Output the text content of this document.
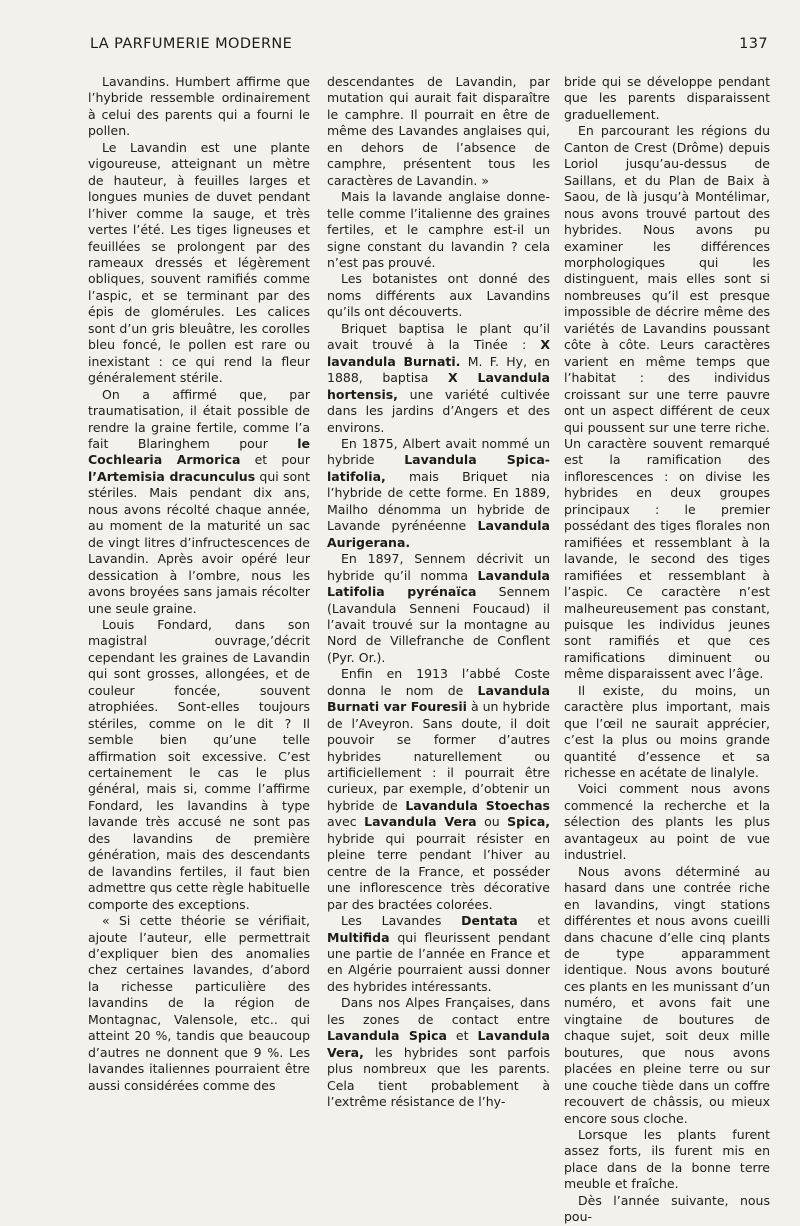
LA PARFUMERIE MODERNE	137

Lavandins. Humbert affirme que l’hybride ressemble ordinairement à celui des parents qui a fourni le pollen.

Le Lavandin est une plante vigoureuse, atteignant un mètre de hauteur, à feuilles larges et longues munies de duvet pendant l’hiver comme la sauge, et très vertes l’été. Les tiges ligneuses et feuillées se prolongent par des rameaux dressés et légèrement obliques, souvent ramifiés comme l’aspic, et se terminant par des épis de glomérules. Les calices sont d’un gris bleuâtre, les corolles bleu foncé, le pollen est rare ou inexistant : ce qui rend la fleur généralement stérile.

On a affirmé que, par traumatisation, il était possible de rendre la graine fertile, comme l’a fait Blaringhem pour le Cochlearia Armorica et pour l’Artemisia dracunculus qui sont stériles. Mais pendant dix ans, nous avons récolté chaque année, au moment de la maturité un sac de vingt litres d’infructescences de Lavandin. Après avoir opéré leur dessication à l’ombre, nous les avons broyées sans jamais récolter une seule graine.

Louis Fondard, dans son magistral ouvrage,’décrit cependant les graines de Lavandin qui sont grosses, allongées, et de couleur foncée, souvent atrophiées. Sont-elles toujours stériles, comme on le dit ? Il semble bien qu’une telle affirmation soit excessive. C’est certainement le cas le plus général, mais si, comme l’affirme Fondard, les lavandins à type lavande très accusé ne sont pas des lavandins de première génération, mais des descendants de lavandins fertiles, il faut bien admettre qus cette règle habituelle comporte des exceptions.

« Si cette théorie se vérifiait, ajoute l’auteur, elle permettrait d’expliquer bien des anomalies chez certaines lavandes, d’abord la richesse particulière des lavandins de la région de Montagnac, Valensole, etc.. qui atteint 20 %, tandis que beaucoup d’autres ne donnent que 9 %. Les lavandes italiennes pourraient être aussi considérées comme des

descendantes de Lavandin, par mutation qui aurait fait disparaître le camphre. Il pourrait en être de même des Lavandes anglaises qui, en dehors de l’absence de camphre, présentent tous les caractères de Lavandin. »

Mais la lavande anglaise donne-telle comme l’italienne des graines fertiles, et le camphre est-il un signe constant du lavandin ? cela n’est pas prouvé.

Les botanistes ont donné des noms différents aux Lavandins qu’ils ont découverts.

Briquet baptisa le plant qu’il avait trouvé à la Tinée : X lavandula Burnati. M. F. Hy, en 1888, baptisa X Lavandula hortensis, une variété cultivée dans les jardins d’Angers et des environs.

En 1875, Albert avait nommé un hybride Lavandula Spica-latifolia, mais Briquet nia l’hybride de cette forme. En 1889, Mailho dénomma un hybride de Lavande pyrénéenne Lavandula Aurigerana.

En 1897, Sennem décrivit un hybride qu’il nomma Lavandula Latifolia pyrénaïca Sennem (Lavandula Senneni Foucaud) il l’avait trouvé sur la montagne au Nord de Villefranche de Conflent (Pyr. Or.).

Enfin en 1913 l’abbé Coste donna le nom de Lavandula Burnati var Fouresii à un hybride de l’Aveyron. Sans doute, il doit pouvoir se former d’autres hybrides naturellement ou artificiellement : il pourrait être curieux, par exemple, d’obtenir un hybride de Lavandula Stoechas avec Lavandula Vera ou Spica, hybride qui pourrait résister en pleine terre pendant l’hiver au centre de la France, et posséder une inflorescence très décorative par des bractées colorées.

Les Lavandes Dentata et Multifida qui fleurissent pendant une partie de l’année en France et en Algérie pourraient aussi donner des hybrides intéressants.

Dans nos Alpes Françaises, dans les zones de contact entre Lavandula Spica et Lavandula Vera, les hybrides sont parfois plus nombreux que les parents. Cela tient probablement à l’extrême résistance de l’hy-

bride qui se développe pendant que les parents disparaissent graduellement.

En parcourant les régions du Canton de Crest (Drôme) depuis Loriol jusqu’au-dessus de Saillans, et du Plan de Baix à Saou, de là jusqu’à Montélimar, nous avons trouvé partout des hybrides. Nous avons pu examiner les différences morphologiques qui les distinguent, mais elles sont si nombreuses qu’il est presque impossible de décrire même des variétés de Lavandins poussant côte à côte. Leurs caractères varient en même temps que l’habitat : des individus croissant sur une terre pauvre ont un aspect différent de ceux qui poussent sur une terre riche. Un caractère souvent remarqué est la ramification des inflorescences : on divise les hybrides en deux groupes principaux : le premier possédant des tiges florales non ramifiées et ressemblant à la lavande, le second des tiges ramifiées et ressemblant à l’aspic. Ce caractère n’est malheureusement pas constant, puisque les individus jeunes sont ramifiés et que ces ramifications diminuent ou même disparaissent avec l’âge.

Il existe, du moins, un caractère plus important, mais que l’œil ne saurait apprécier, c’est la plus ou moins grande quantité d’essence et sa richesse en acétate de linalyle.

Voici comment nous avons commencé la recherche et la sélection des plants les plus avantageux au point de vue industriel.

Nous avons déterminé au hasard dans une contrée riche en lavandins, vingt stations différentes et nous avons cueilli dans chacune d’elle cinq plants de type apparamment identique. Nous avons bouturé ces plants en les munissant d’un numéro, et avons fait une vingtaine de boutures de chaque sujet, soit deux mille boutures, que nous avons placées en pleine terre ou sur une couche tiède dans un coffre recouvert de châssis, ou mieux encore sous cloche.

Lorsque les plants furent assez forts, ils furent mis en place dans de la bonne terre meuble et fraîche.

Dès l’année suivante, nous pou-
